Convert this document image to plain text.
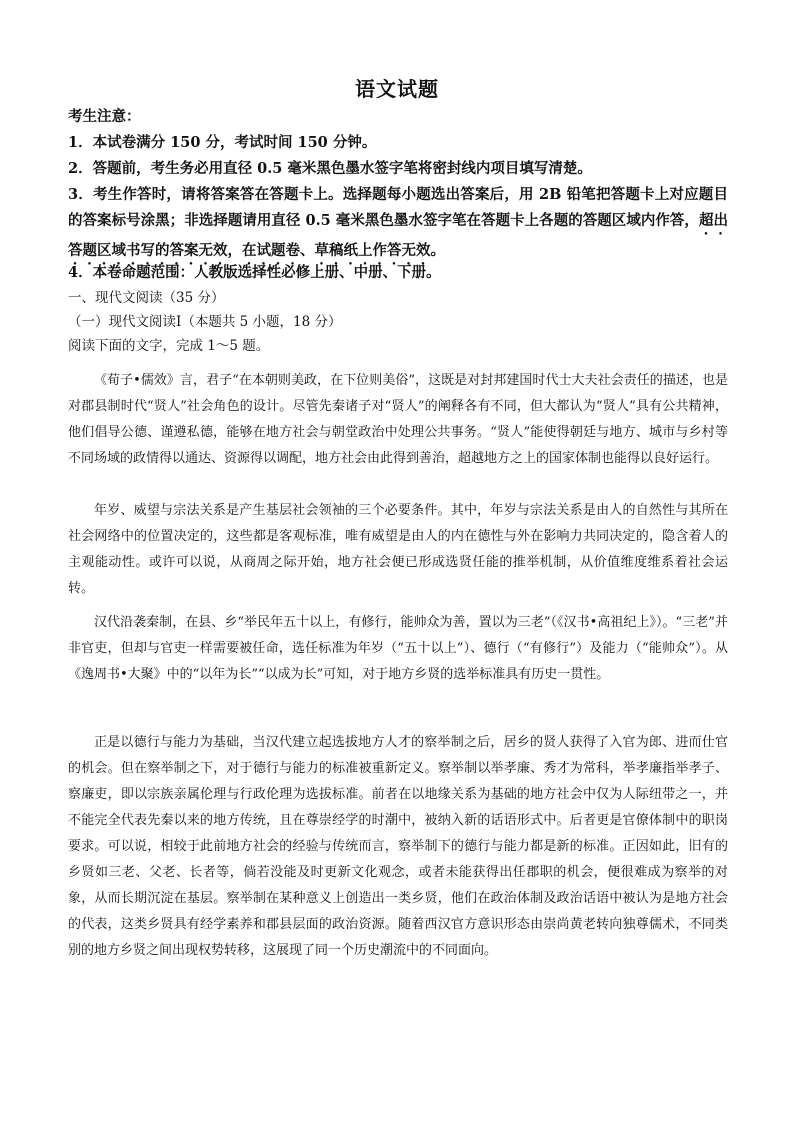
语文试题
考生注意：
1．本试卷满分 150 分，考试时间 150 分钟。
2．答题前，考生务必用直径 0.5 毫米黑色墨水签字笔将密封线内项目填写清楚。
3．考生作答时，请将答案答在答题卡上。选择题每小题选出答案后，用 2B 铅笔把答题卡上对应题目的答案标号涂黑；非选择题请用直径 0.5 毫米黑色墨水签字笔在答题卡上各题的答题区域内作答，超出答题区域书写的答案无效，在试题卷、草稿纸上作答无效。
4．本卷命题范围：人教版选择性必修上册、中册、下册。
一、现代文阅读（35 分）
（一）现代文阅读Ⅰ（本题共 5 小题，18 分）
阅读下面的文字，完成 1～5 题。

《荀子•儒效》言，君子“在本朝则美政，在下位则美俗”，这既是对封邦建国时代士大夫社会责任的描述，也是对郡县制时代“贤人”社会角色的设计。尽管先秦诸子对“贤人”的阐释各有不同，但大都认为“贤人”具有公共精神，他们倡导公德、谨遵私德，能够在地方社会与朝堂政治中处理公共事务。“贤人”能使得朝廷与地方、城市与乡村等不同场域的政情得以通达、资源得以调配，地方社会由此得到善治，超越地方之上的国家体制也能得以良好运行。

年岁、威望与宗法关系是产生基层社会领袖的三个必要条件。其中，年岁与宗法关系是由人的自然性与其所在社会网络中的位置决定的，这些都是客观标准，唯有威望是由人的内在德性与外在影响力共同决定的，隐含着人的主观能动性。或许可以说，从商周之际开始，地方社会便已形成选贤任能的推举机制，从价值维度维系着社会运转。

汉代沿袭秦制，在县、乡“举民年五十以上，有修行，能帅众为善，置以为三老”（《汉书•高祖纪上》）。“三老”并非官吏，但却与官吏一样需要被任命，选任标准为年岁（“五十以上”）、德行（“有修行”）及能力（“能帅众”）。从《逸周书•大聚》中的“以年为长”“以成为长”可知，对于地方乡贤的选举标准具有历史一贯性。

正是以德行与能力为基础，当汉代建立起选拔地方人才的察举制之后，居乡的贤人获得了入官为郎、进而仕官的机会。但在察举制之下，对于德行与能力的标准被重新定义。察举制以举孝廉、秀才为常科，举孝廉指举孝子、察廉吏，即以宗族亲属伦理与行政伦理为选拔标准。前者在以地缘关系为基础的地方社会中仅为人际纽带之一，并不能完全代表先秦以来的地方传统，且在尊崇经学的时潮中，被纳入新的话语形式中。后者更是官僚体制中的职岗要求。可以说，相较于此前地方社会的经验与传统而言，察举制下的德行与能力都是新的标准。正因如此，旧有的乡贤如三老、父老、长者等，倘若没能及时更新文化观念，或者未能获得出任郡职的机会，便很难成为察举的对象，从而长期沉淀在基层。察举制在某种意义上创造出一类乡贤，他们在政治体制及政治话语中被认为是地方社会的代表，这类乡贤具有经学素养和郡县层面的政治资源。随着西汉官方意识形态由崇尚黄老转向独尊儒术，不同类别的地方乡贤之间出现权势转移，这展现了同一个历史潮流中的不同面向。
